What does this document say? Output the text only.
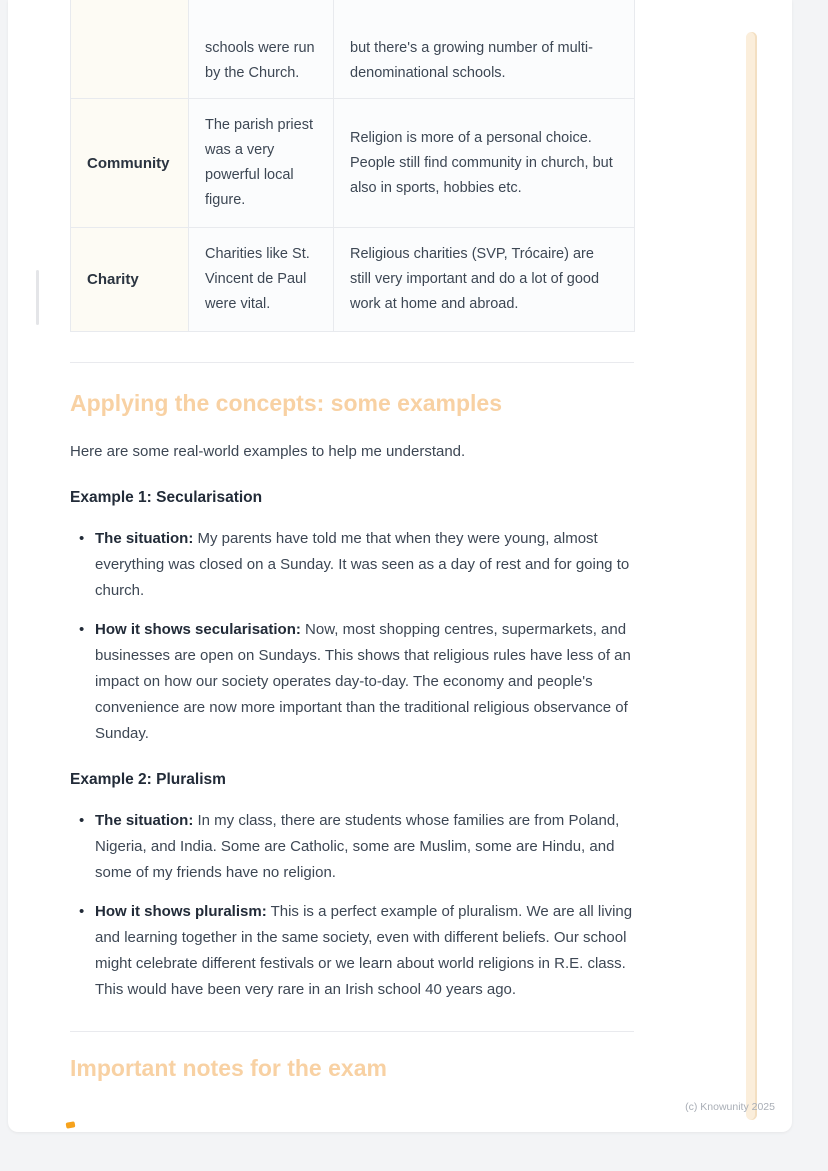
	schools were run by the Church.	but there's a growing number of multi-denominational schools.
Community	The parish priest was a very powerful local figure.	Religion is more of a personal choice. People still find community in church, but also in sports, hobbies etc.
Charity	Charities like St. Vincent de Paul were vital.	Religious charities (SVP, Trócaire) are still very important and do a lot of good work at home and abroad.
Applying the concepts: some examples

Here are some real-world examples to help me understand.

Example 1: Secularisation

• The situation: My parents have told me that when they were young, almost everything was closed on a Sunday. It was seen as a day of rest and for going to church.
• How it shows secularisation: Now, most shopping centres, supermarkets, and businesses are open on Sundays. This shows that religious rules have less of an impact on how our society operates day-to-day. The economy and people's convenience are now more important than the traditional religious observance of Sunday.

Example 2: Pluralism

• The situation: In my class, there are students whose families are from Poland, Nigeria, and India. Some are Catholic, some are Muslim, some are Hindu, and some of my friends have no religion.
• How it shows pluralism: This is a perfect example of pluralism. We are all living and learning together in the same society, even with different beliefs. Our school might celebrate different festivals or we learn about world religions in R.E. class. This would have been very rare in an Irish school 40 years ago.
Important notes for the exam
(c) Knowunity 2025
